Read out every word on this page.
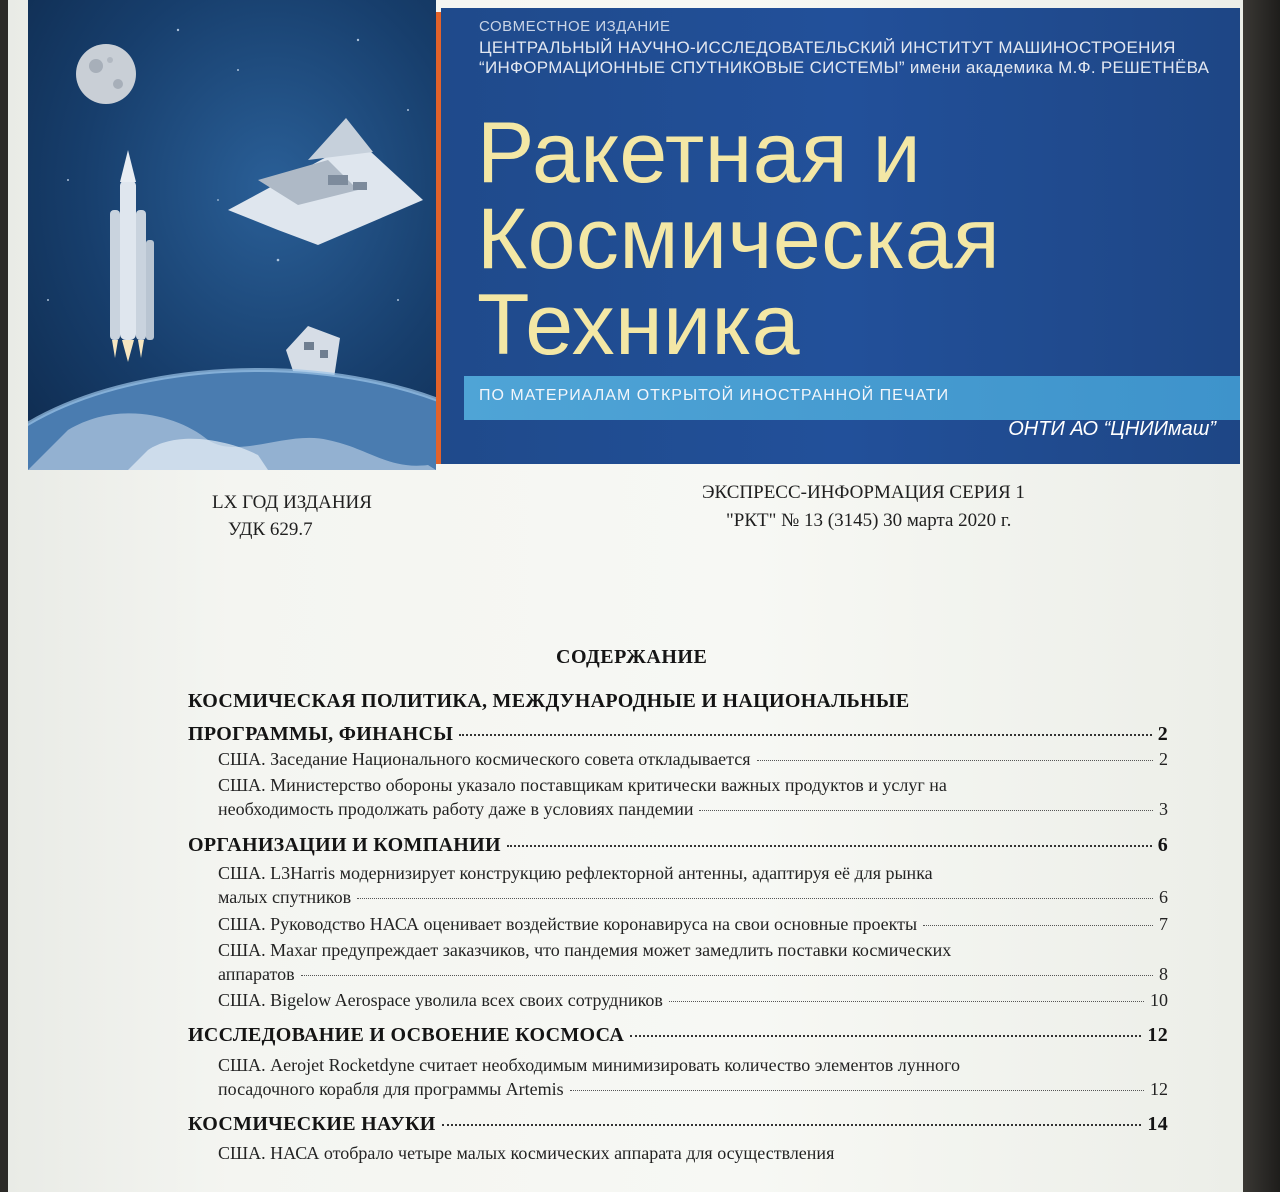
СОВМЕСТНОЕ ИЗДАНИЕ
ЦЕНТРАЛЬНЫЙ НАУЧНО-ИССЛЕДОВАТЕЛЬСКИЙ ИНСТИТУТ МАШИНОСТРОЕНИЯ
“ИНФОРМАЦИОННЫЕ СПУТНИКОВЫЕ СИСТЕМЫ” имени академика М.Ф. РЕШЕТНЁВА
Ракетная и
Космическая
Техника
ПО МАТЕРИАЛАМ ОТКРЫТОЙ ИНОСТРАННОЙ ПЕЧАТИ
ОНТИ АО “ЦНИИмаш”
LX ГОД ИЗДАНИЯ
УДК 629.7
ЭКСПРЕСС-ИНФОРМАЦИЯ СЕРИЯ 1
"РКТ" № 13 (3145) 30 марта 2020 г.
СОДЕРЖАНИЕ
КОСМИЧЕСКАЯ ПОЛИТИКА, МЕЖДУНАРОДНЫЕ И НАЦИОНАЛЬНЫЕ
ПРОГРАММЫ, ФИНАНСЫ	2
США. Заседание Национального космического совета откладывается	2
США. Министерство обороны указало поставщикам критически важных продуктов и услуг на
необходимость продолжать работу даже в условиях пандемии	3
ОРГАНИЗАЦИИ И КОМПАНИИ	6
США. L3Harris модернизирует конструкцию рефлекторной антенны, адаптируя её для рынка
малых спутников	6
США. Руководство НАСА оценивает воздействие коронавируса на свои основные проекты	7
США. Maxar предупреждает заказчиков, что пандемия может замедлить поставки космических
аппаратов	8
США. Bigelow Aerospace уволила всех своих сотрудников	10
ИССЛЕДОВАНИЕ И ОСВОЕНИЕ КОСМОСА	12
США. Aerojet Rocketdyne считает необходимым минимизировать количество элементов лунного
посадочного корабля для программы Artemis	12
КОСМИЧЕСКИЕ НАУКИ	14
США. НАСА отобрало четыре малых космических аппарата для осуществления
